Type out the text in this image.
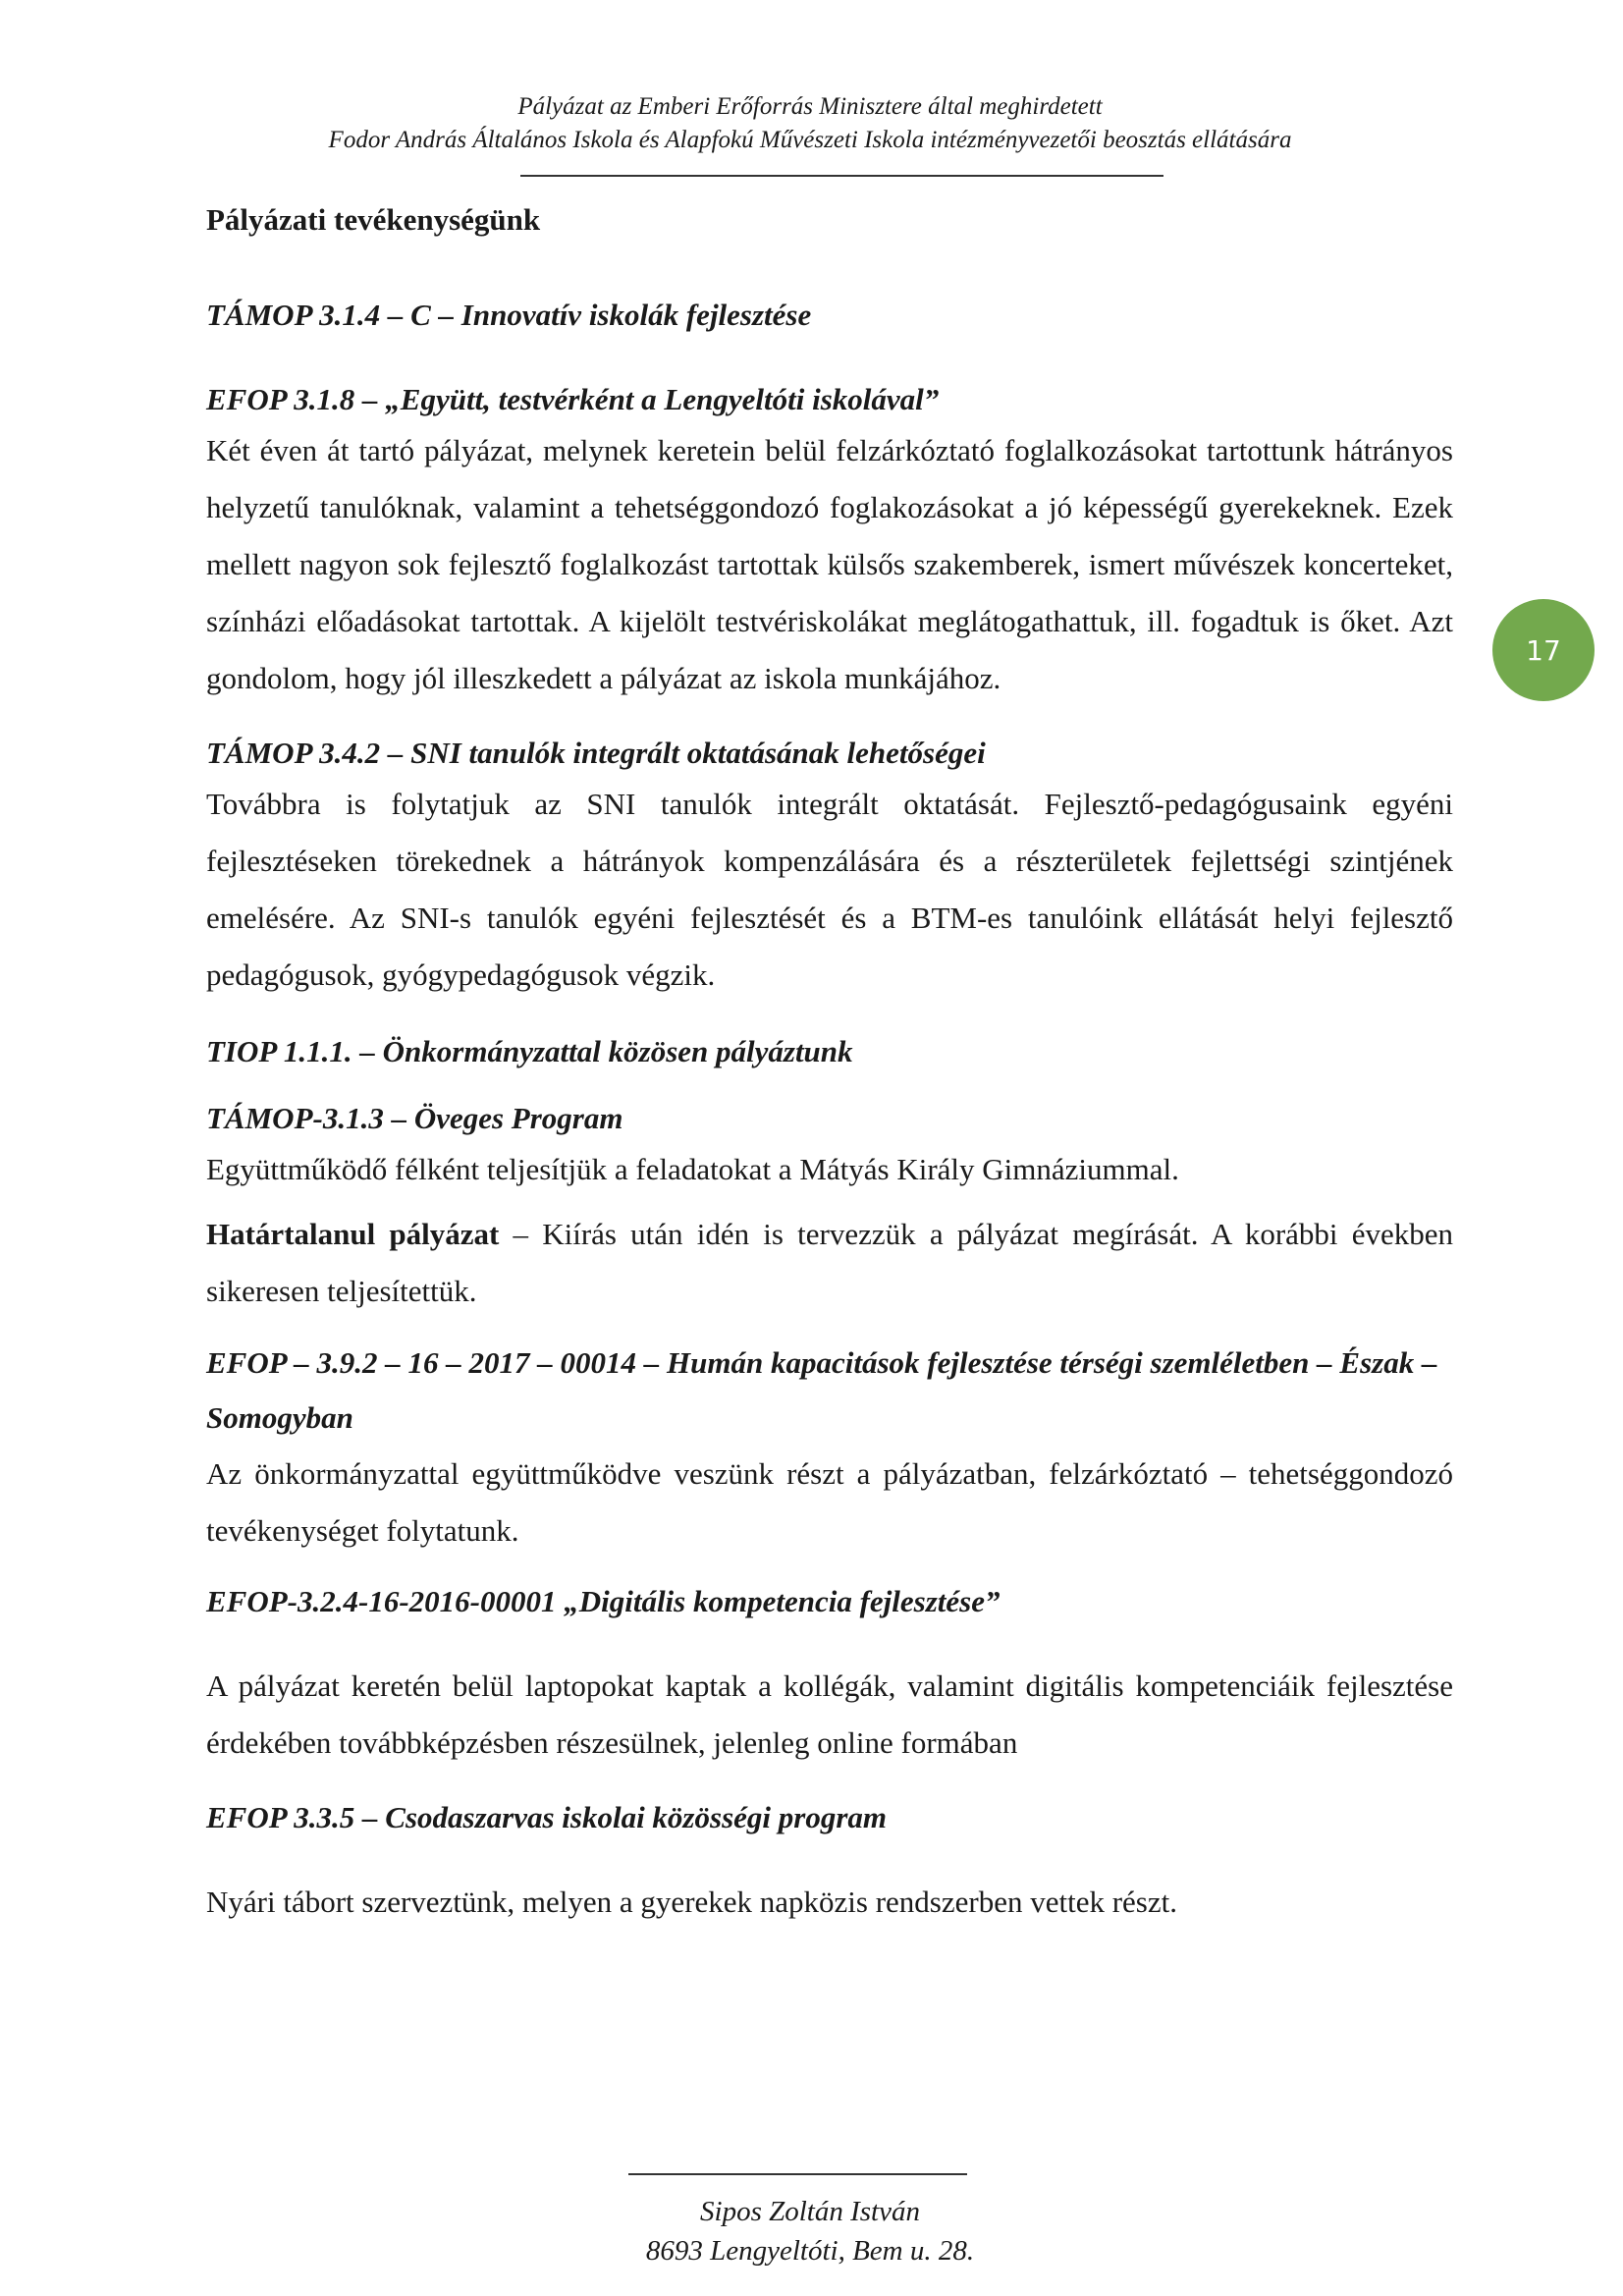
Pályázat az Emberi Erőforrás Minisztere által meghirdetett
Fodor András Általános Iskola és Alapfokú Művészeti Iskola intézményvezetői beosztás ellátására

Pályázati tevékenységünk

TÁMOP 3.1.4 – C – Innovatív iskolák fejlesztése

EFOP 3.1.8 – „Együtt, testvérként a Lengyeltóti iskolával”

Két éven át tartó pályázat, melynek keretein belül felzárkóztató foglalkozásokat tartottunk hátrányos helyzetű tanulóknak, valamint a tehetséggondozó foglakozásokat a jó képességű gyerekeknek. Ezek mellett nagyon sok fejlesztő foglalkozást tartottak külsős szakemberek, ismert művészek koncerteket, színházi előadásokat tartottak. A kijelölt testvériskolákat meglátogathattuk, ill. fogadtuk is őket. Azt gondolom, hogy jól illeszkedett a pályázat az iskola munkájához.

TÁMOP 3.4.2 – SNI tanulók integrált oktatásának lehetőségei

Továbbra is folytatjuk az SNI tanulók integrált oktatását. Fejlesztő-pedagógusaink egyéni fejlesztéseken törekednek a hátrányok kompenzálására és a részterületek fejlettségi szintjének emelésére. Az SNI-s tanulók egyéni fejlesztését és a BTM-es tanulóink ellátását helyi fejlesztő pedagógusok, gyógypedagógusok végzik.

TIOP 1.1.1. – Önkormányzattal közösen pályáztunk

TÁMOP-3.1.3 – Öveges Program

Együttműködő félként teljesítjük a feladatokat a Mátyás Király Gimnáziummal.

Határtalanul pályázat – Kiírás után idén is tervezzük a pályázat megírását. A korábbi években sikeresen teljesítettük.

EFOP – 3.9.2 – 16 – 2017 – 00014 – Humán kapacitások fejlesztése térségi szemléletben – Észak – Somogyban

Az önkormányzattal együttműködve veszünk részt a pályázatban, felzárkóztató – tehetséggondozó tevékenységet folytatunk.

EFOP-3.2.4-16-2016-00001 „Digitális kompetencia fejlesztése”

A pályázat keretén belül laptopokat kaptak a kollégák, valamint digitális kompetenciáik fejlesztése érdekében továbbképzésben részesülnek, jelenleg online formában

EFOP 3.3.5 – Csodaszarvas iskolai közösségi program

Nyári tábort szerveztünk, melyen a gyerekek napközis rendszerben vettek részt.

17
Sipos Zoltán István
8693 Lengyeltóti, Bem u. 28.
